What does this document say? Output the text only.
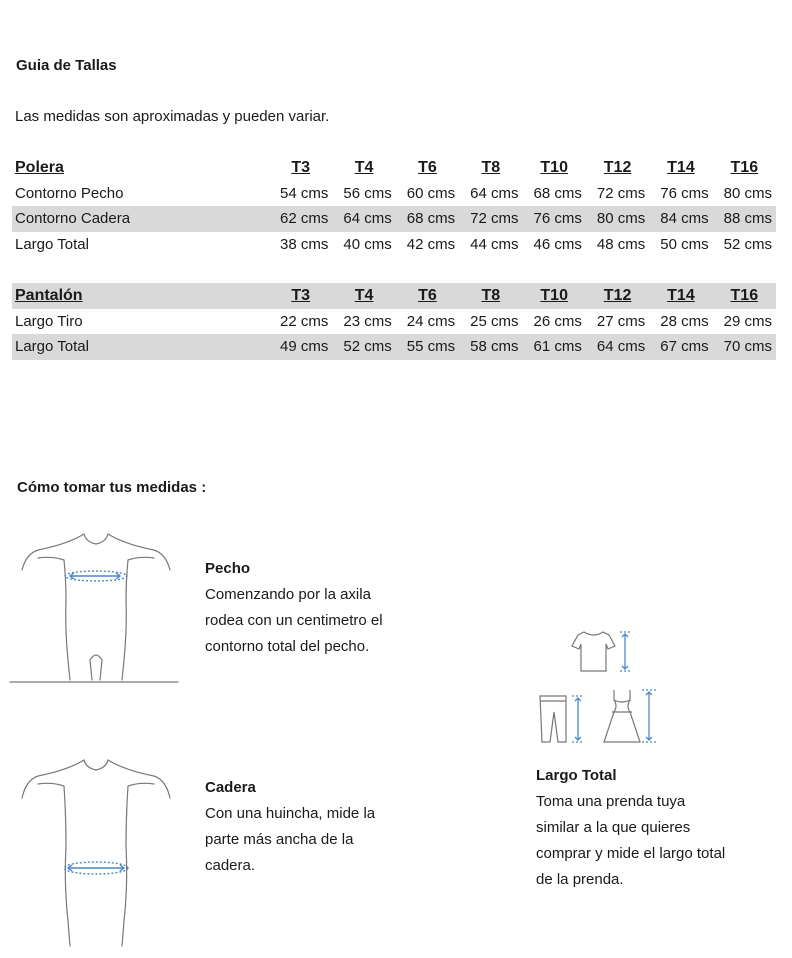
Guia de Tallas
Las medidas son aproximadas y pueden variar.
Polera	T3	T4	T6	T8	T10	T12	T14	T16
Contorno Pecho	54 cms	56 cms	60 cms	64 cms	68 cms	72 cms	76 cms	80 cms
Contorno Cadera	62 cms	64 cms	68 cms	72 cms	76 cms	80 cms	84 cms	88 cms
Largo Total	38 cms	40 cms	42 cms	44 cms	46 cms	48 cms	50 cms	52 cms
Pantalón	T3	T4	T6	T8	T10	T12	T14	T16
Largo Tiro	22 cms	23 cms	24 cms	25 cms	26 cms	27 cms	28 cms	29 cms
Largo Total	49 cms	52 cms	55 cms	58 cms	61 cms	64 cms	67 cms	70 cms
Cómo tomar tus medidas :
Pecho
Comenzando por la axila
rodea con un centimetro el
contorno total del pecho.
Cadera
Con una huincha, mide la
parte más ancha de la
cadera.
Largo Total
Toma una prenda tuya
similar a la que quieres
comprar y mide el largo total
de la prenda.
